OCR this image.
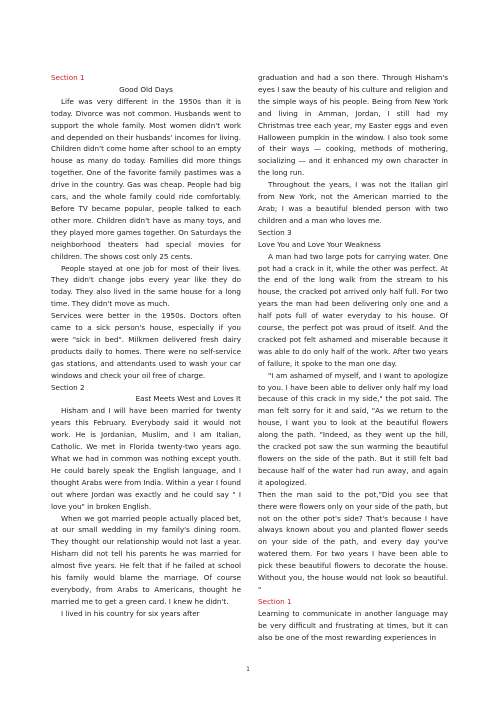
Section 1

Good Old Days

Life was very different in the 1950s than it is today. Divorce was not common. Husbands went to support the whole family. Most women didn't work and depended on their husbands' incomes for living. Children didn't come home after school to an empty house as many do today. Families did more things together. One of the favorite family pastimes was a drive in the country. Gas was cheap. People had big cars, and the whole family could ride comfortably. Before TV became popular, people talked to each other more. Children didn't have as many toys, and they played more games together. On Saturdays the neighborhood theaters had special movies for children. The shows cost only 25 cents.

People stayed at one job for most of their lives. They didn't change jobs every year like they do today. They also lived in the same house for a long time. They didn't move as much.

Services were better in the 1950s. Doctors often came to a sick person's house, especially if you were "sick in bed". Milkmen delivered fresh dairy products daily to homes. There were no self-service gas stations, and attendants used to wash your car windows and check your oil free of charge.

Section 2

East Meets West and Loves It

Hisham and I will have been married for twenty years this February. Everybody said it would not work. He is Jordanian, Muslim, and I am Italian, Catholic. We met in Florida twenty-two years ago. What we had in common was nothing except youth. He could barely speak the English language, and I thought Arabs were from India. Within a year I found out where Jordan was exactly and he could say " I love you" in broken English.

When we got married people actually placed bet, at our small wedding in my family's dining room. They thought our relationship would not last a year. Hisharn did not tell his parents he was married for almost five years. He felt that if he failed at school his family would blame the marriage. Of course everybody, from Arabs to Americans, thought he married me to get a green card. I knew he didn't.

I lived in his country for six years after

graduation and had a son there. Through Hisham's eyes I saw the beauty of his culture and religion and the simple ways of his people. Being from New York and living in Amman, Jordan, I still had my Christmas tree each year, my Easter eggs and even Halloween pumpkin in the window. I also took some of their ways — cooking, methods of mothering, socializing — and it enhanced my own character in the long run.

Throughout the years, I was not the Italian girl from New York, not the American married to the Arab; I was a beautiful blended person with two children and a man who loves me.

Section 3

Love You and Love Your Weakness

A man had two large pots for carrying water. One pot had a crack in it, while the other was perfect. At the end of the long walk from the stream to his house, the cracked pot arrived only half full. For two years the man had been delivering only one and a half pots full of water everyday to his house. Of course, the perfect pot was proud of itself. And the cracked pot felt ashamed and miserable because it was able to do only half of the work. After two years of failure, it spoke to the man one day.

"I am ashamed of myself, and I want to apologize to you. I have been able to deliver only half my load because of this crack in my side," the pot said. The man felt sorry for it and said, "As we return to the house, I want you to look at the beautiful flowers along the path. "Indeed, as they went up the hill, the cracked pot saw the sun warming the beautiful flowers on the side of the path. But it still felt bad because half of the water had run away, and again it apologized.

Then the man said to the pot,"Did you see that there were flowers only on your side of the path, but not on the other pot's side? That's because I have always known about you and planted flower seeds on your side of the path, and every day you've watered them. For two years I have been able to pick these beautiful flowers to decorate the house. Without you, the house would not look so beautiful. "

Section 1

Learning to communicate in another language may be very difficult and frustrating at times, but it can also be one of the most rewarding experiences in

1
